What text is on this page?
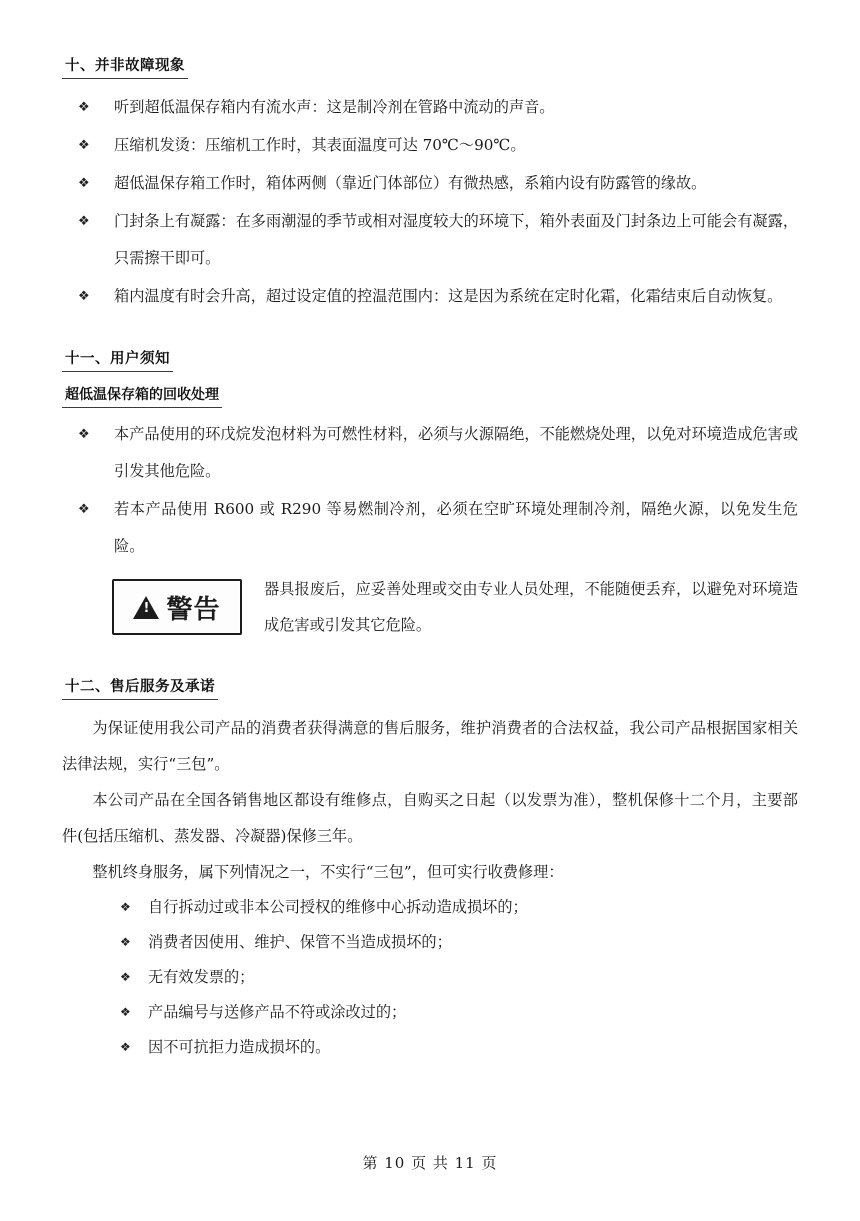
十、并非故障现象
❖ 听到超低温保存箱内有流水声：这是制冷剂在管路中流动的声音。
❖ 压缩机发烫：压缩机工作时，其表面温度可达 70℃～90℃。
❖ 超低温保存箱工作时，箱体两侧（靠近门体部位）有微热感，系箱内设有防露管的缘故。
❖ 门封条上有凝露：在多雨潮湿的季节或相对湿度较大的环境下，箱外表面及门封条边上可能会有凝露，只需擦干即可。
❖ 箱内温度有时会升高，超过设定值的控温范围内：这是因为系统在定时化霜，化霜结束后自动恢复。
十一、用户须知
超低温保存箱的回收处理
❖ 本产品使用的环戊烷发泡材料为可燃性材料，必须与火源隔绝，不能燃烧处理，以免对环境造成危害或引发其他危险。
❖ 若本产品使用 R600 或 R290 等易燃制冷剂，必须在空旷环境处理制冷剂，隔绝火源，以免发生危险。
!
警告
器具报废后，应妥善处理或交由专业人员处理，不能随便丢弃，以避免对环境造成危害或引发其它危险。
十二、售后服务及承诺

为保证使用我公司产品的消费者获得满意的售后服务，维护消费者的合法权益，我公司产品根据国家相关法律法规，实行“三包”。

本公司产品在全国各销售地区都设有维修点，自购买之日起（以发票为准），整机保修十二个月，主要部件(包括压缩机、蒸发器、冷凝器)保修三年。

整机终身服务，属下列情况之一，不实行“三包”，但可实行收费修理：

❖ 自行拆动过或非本公司授权的维修中心拆动造成损坏的；
❖ 消费者因使用、维护、保管不当造成损坏的；
❖ 无有效发票的；
❖ 产品编号与送修产品不符或涂改过的；
❖ 因不可抗拒力造成损坏的。
第 10 页 共 11 页
